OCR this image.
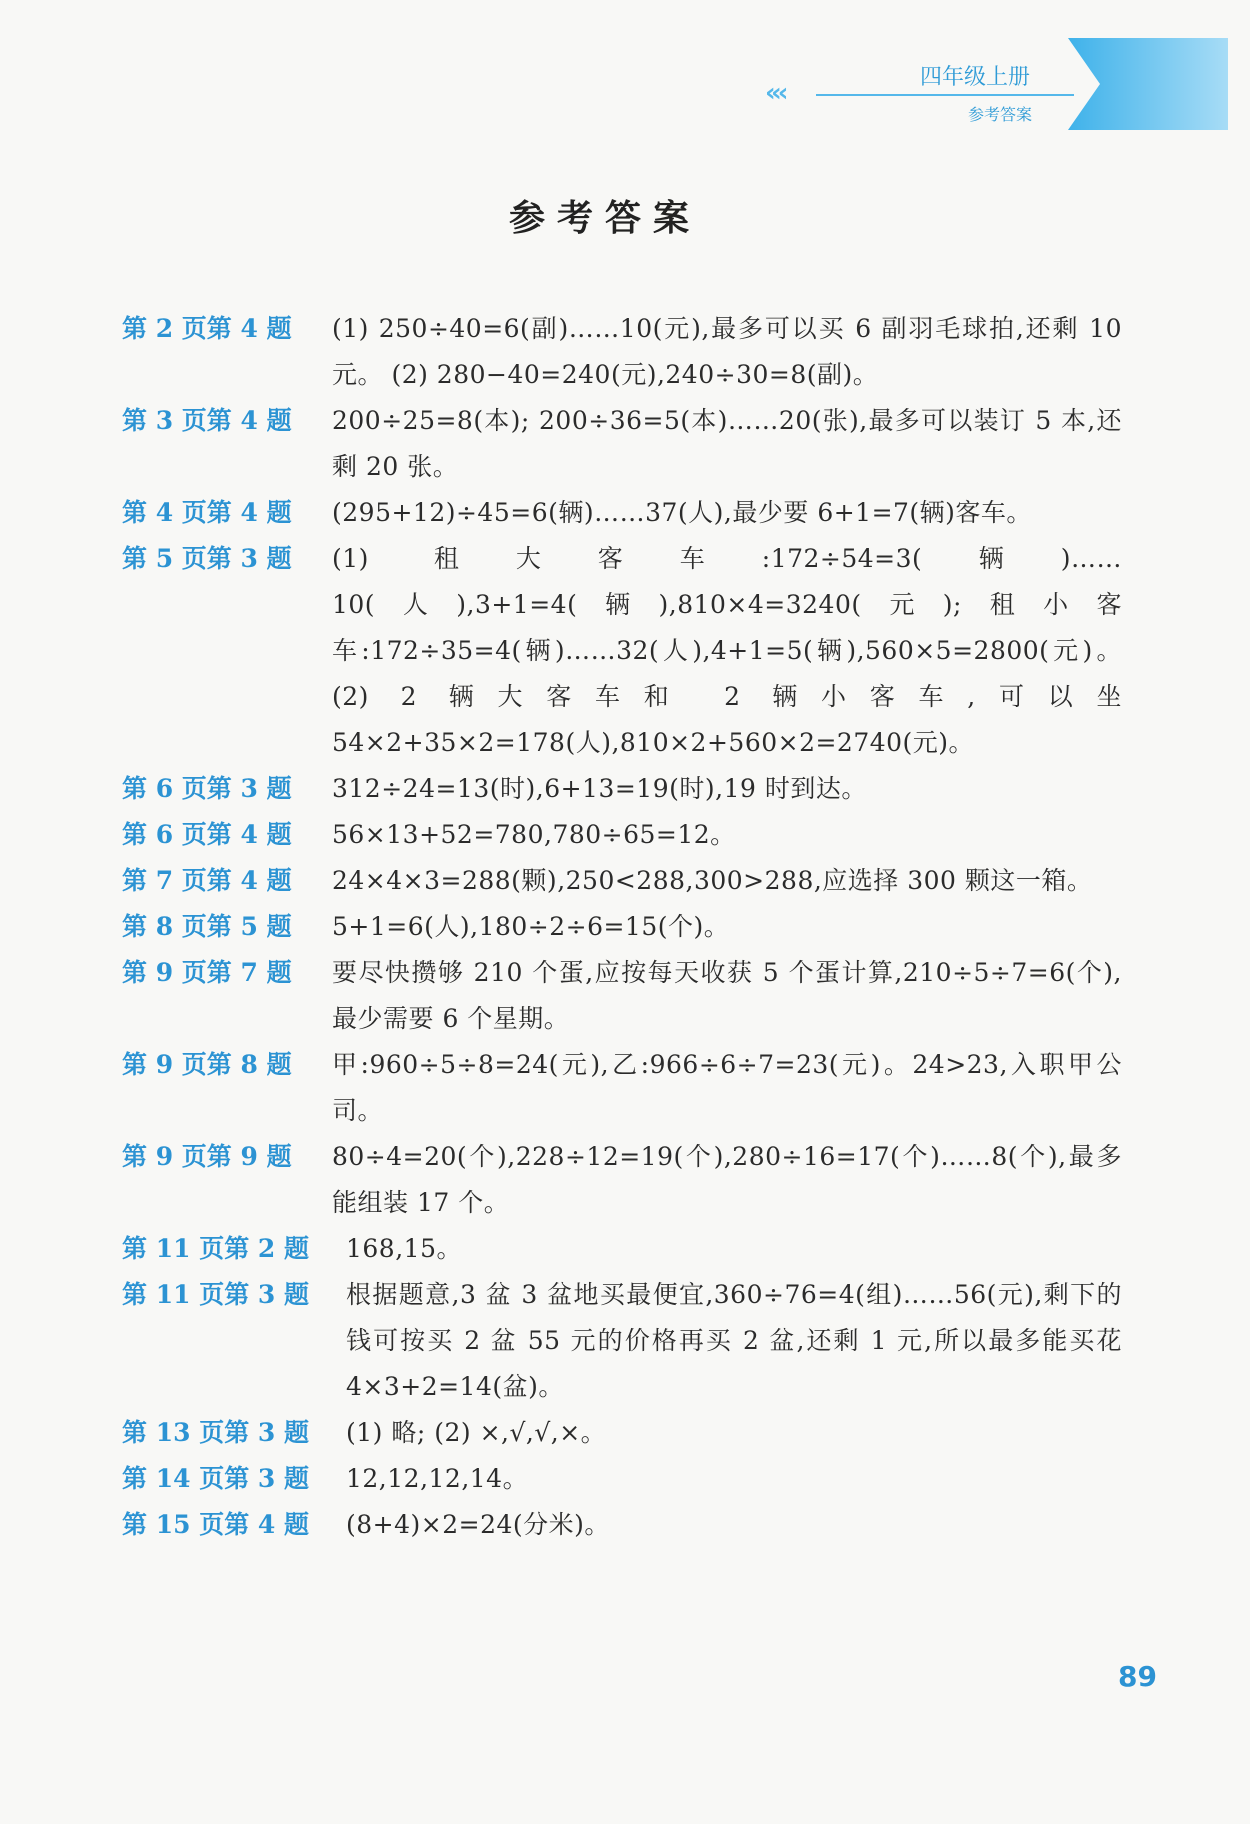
«‹
四年级上册
参考答案
参考答案
第 2 页第 4 题	(1) 250÷40=6(副)……10(元),最多可以买 6 副羽毛球拍,还剩 10 元。 (2) 280−40=240(元),240÷30=8(副)。
第 3 页第 4 题	200÷25=8(本); 200÷36=5(本)……20(张),最多可以装订 5 本,还剩 20 张。
第 4 页第 4 题	(295+12)÷45=6(辆)……37(人),最少要 6+1=7(辆)客车。
第 5 页第 3 题	(1) 租大客车:172÷54=3(辆)……10(人),3+1=4(辆),810×4=3240(元);租小客车:172÷35=4(辆)……32(人),4+1=5(辆),560×5=2800(元)。 (2) 2 辆大客车和 2 辆小客车,可以坐 54×2+35×2=178(人),810×2+560×2=2740(元)。
第 6 页第 3 题	312÷24=13(时),6+13=19(时),19 时到达。
第 6 页第 4 题	56×13+52=780,780÷65=12。
第 7 页第 4 题	24×4×3=288(颗),250<288,300>288,应选择 300 颗这一箱。
第 8 页第 5 题	5+1=6(人),180÷2÷6=15(个)。
第 9 页第 7 题	要尽快攒够 210 个蛋,应按每天收获 5 个蛋计算,210÷5÷7=6(个),最少需要 6 个星期。
第 9 页第 8 题	甲:960÷5÷8=24(元),乙:966÷6÷7=23(元)。24>23,入职甲公司。
第 9 页第 9 题	80÷4=20(个),228÷12=19(个),280÷16=17(个)……8(个),最多能组装 17 个。
第 11 页第 2 题	168,15。
第 11 页第 3 题	根据题意,3 盆 3 盆地买最便宜,360÷76=4(组)……56(元),剩下的钱可按买 2 盆 55 元的价格再买 2 盆,还剩 1 元,所以最多能买花 4×3+2=14(盆)。
第 13 页第 3 题	(1) 略; (2) ×,√,√,×。
第 14 页第 3 题	12,12,12,14。
第 15 页第 4 题	(8+4)×2=24(分米)。
89
